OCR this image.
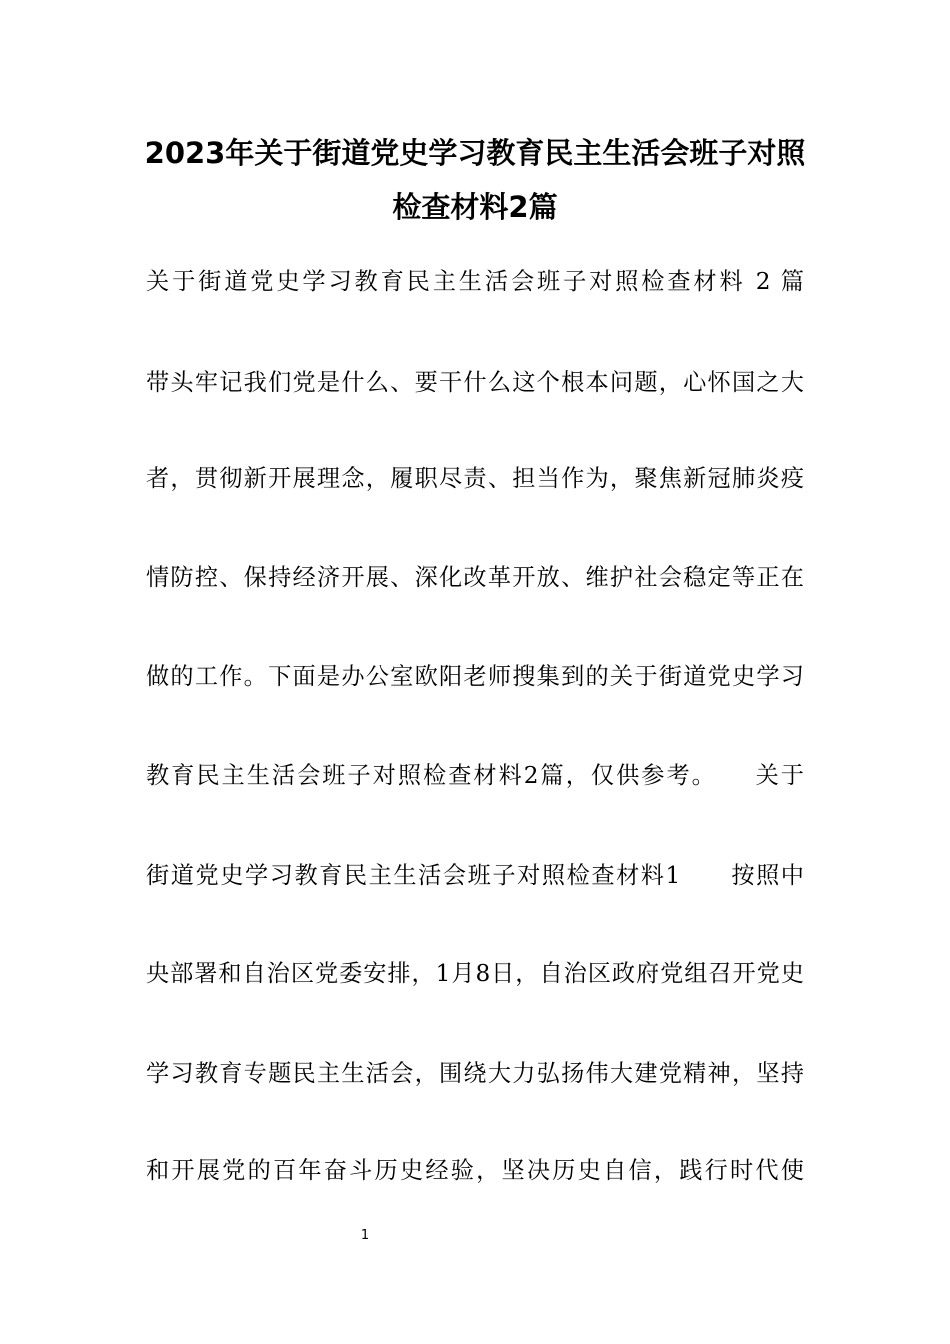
2023年关于街道党史学习教育民主生活会班子对照
检查材料2篇
关于街道党史学习教育民主生活会班子对照检查材料 2 篇
带头牢记我们党是什么、要干什么这个根本问题，心怀国之大
者，贯彻新开展理念，履职尽责、担当作为，聚焦新冠肺炎疫
情防控、保持经济开展、深化改革开放、维护社会稳定等正在
做的工作。下面是办公室欧阳老师搜集到的关于街道党史学习
教育民主生活会班子对照检查材料2篇，仅供参考。　　关于
街道党史学习教育民主生活会班子对照检查材料1　　按照中
央部署和自治区党委安排，1月8日，自治区政府党组召开党史
学习教育专题民主生活会，围绕大力弘扬伟大建党精神，坚持
和开展党的百年奋斗历史经验，坚决历史自信，践行时代使
1
